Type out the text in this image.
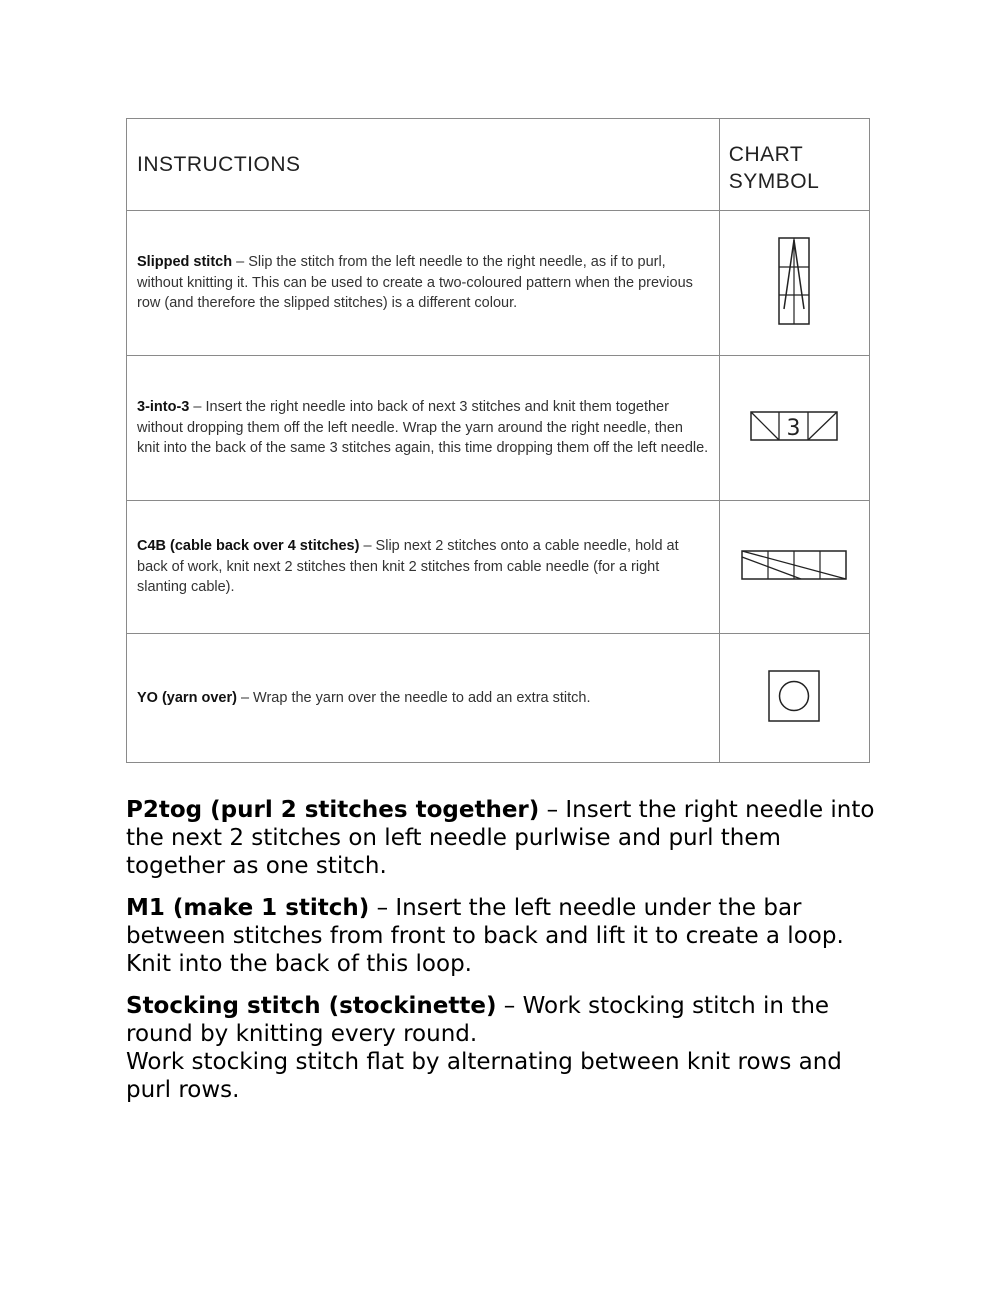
INSTRUCTIONS	CHART
SYMBOL
Slipped stitch – Slip the stitch from the left needle to the right needle, as if to purl, without knitting it. This can be used to create a two-coloured pattern when the previous row (and therefore the slipped stitches) is a different colour.	
3-into-3 – Insert the right needle into back of next 3 stitches and knit them together without dropping them off the left needle. Wrap the yarn around the right needle, then knit into the back of the same 3 stitches again, this time dropping them off the left needle.	3

C4B (cable back over 4 stitches) – Slip next 2 stitches onto a cable needle, hold at back of work, knit next 2 stitches then knit 2 stitches from cable needle (for a right slanting cable).	
YO (yarn over) – Wrap the yarn over the needle to add an extra stitch.	

P2tog (purl 2 stitches together) – Insert the right needle into the next 2 stitches on left needle purlwise and purl them together as one stitch.

M1 (make 1 stitch) – Insert the left needle under the bar between stitches from front to back and lift it to create a loop. Knit into the back of this loop.

Stocking stitch (stockinette) – Work stocking stitch in the round by knitting every round.
Work stocking stitch flat by alternating between knit rows and purl rows.
